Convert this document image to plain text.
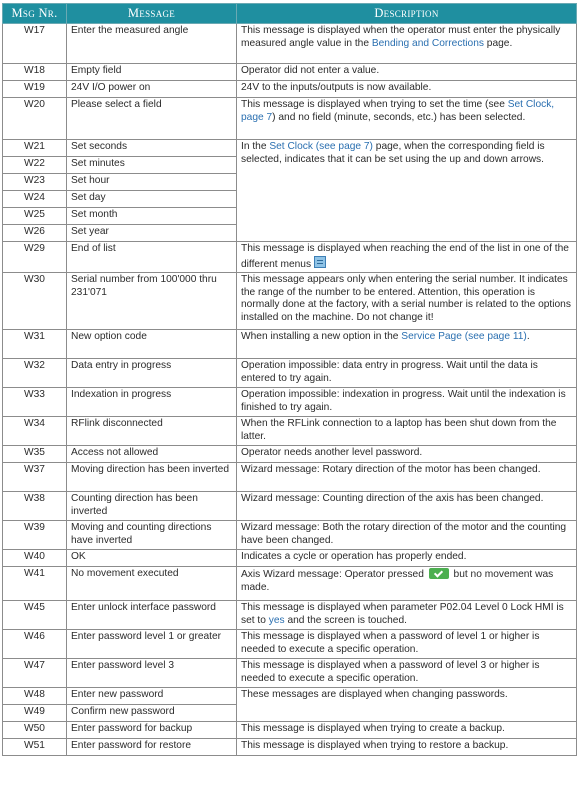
Msg Nr.	Message	Description
W17	Enter the measured angle	This message is displayed when the operator must enter the physically measured angle value in the Bending and Corrections page.
W18	Empty field	Operator did not enter a value.
W19	24V I/O power on	24V to the inputs/outputs is now available.
W20	Please select a field	This message is displayed when trying to set the time (see Set Clock, page 7) and no field (minute, seconds, etc.) has been selected.
W21	Set seconds	In the Set Clock (see page 7) page, when the corresponding field is selected, indicates that it can be set using the up and down arrows.
W22	Set minutes	
W23	Set hour	
W24	Set day	
W25	Set month	
W26	Set year	
W29	End of list	This message is displayed when reaching the end of the list in one of the different menus
W30	Serial number from 100'000 thru 231'071	This message appears only when entering the serial number. It indicates the range of the number to be entered. Attention, this operation is normally done at the factory, with a serial number is related to the options installed on the machine. Do not change it!
W31	New option code	When installing a new option in the Service Page (see page 11).
W32	Data entry in progress	Operation impossible: data entry in progress. Wait until the data is entered to try again.
W33	Indexation in progress	Operation impossible: indexation in progress. Wait until the indexation is finished to try again.
W34	RFlink disconnected	When the RFLink connection to a laptop has been shut down from the latter.
W35	Access not allowed	Operator needs another level password.
W37	Moving direction has been inverted	Wizard message: Rotary direction of the motor has been changed.
W38	Counting direction has been inverted	Wizard message: Counting direction of the axis has been changed.
W39	Moving and counting directions have inverted	Wizard message: Both the rotary direction of the motor and the counting have been changed.
W40	OK	Indicates a cycle or operation has properly ended.
W41	No movement executed	Axis Wizard message: Operator pressed  but no movement was made.
W45	Enter unlock interface password	This message is displayed when parameter P02.04 Level 0 Lock HMI is set to yes and the screen is touched.
W46	Enter password level 1 or greater	This message is displayed when a password of level 1 or higher is needed to execute a specific operation.
W47	Enter password level 3	This message is displayed when a password of level 3 or higher is needed to execute a specific operation.
W48	Enter new password	These messages are displayed when changing passwords.
W49	Confirm new password	
W50	Enter password for backup	This message is displayed when trying to create a backup.
W51	Enter password for restore	This message is displayed when trying to restore a backup.
